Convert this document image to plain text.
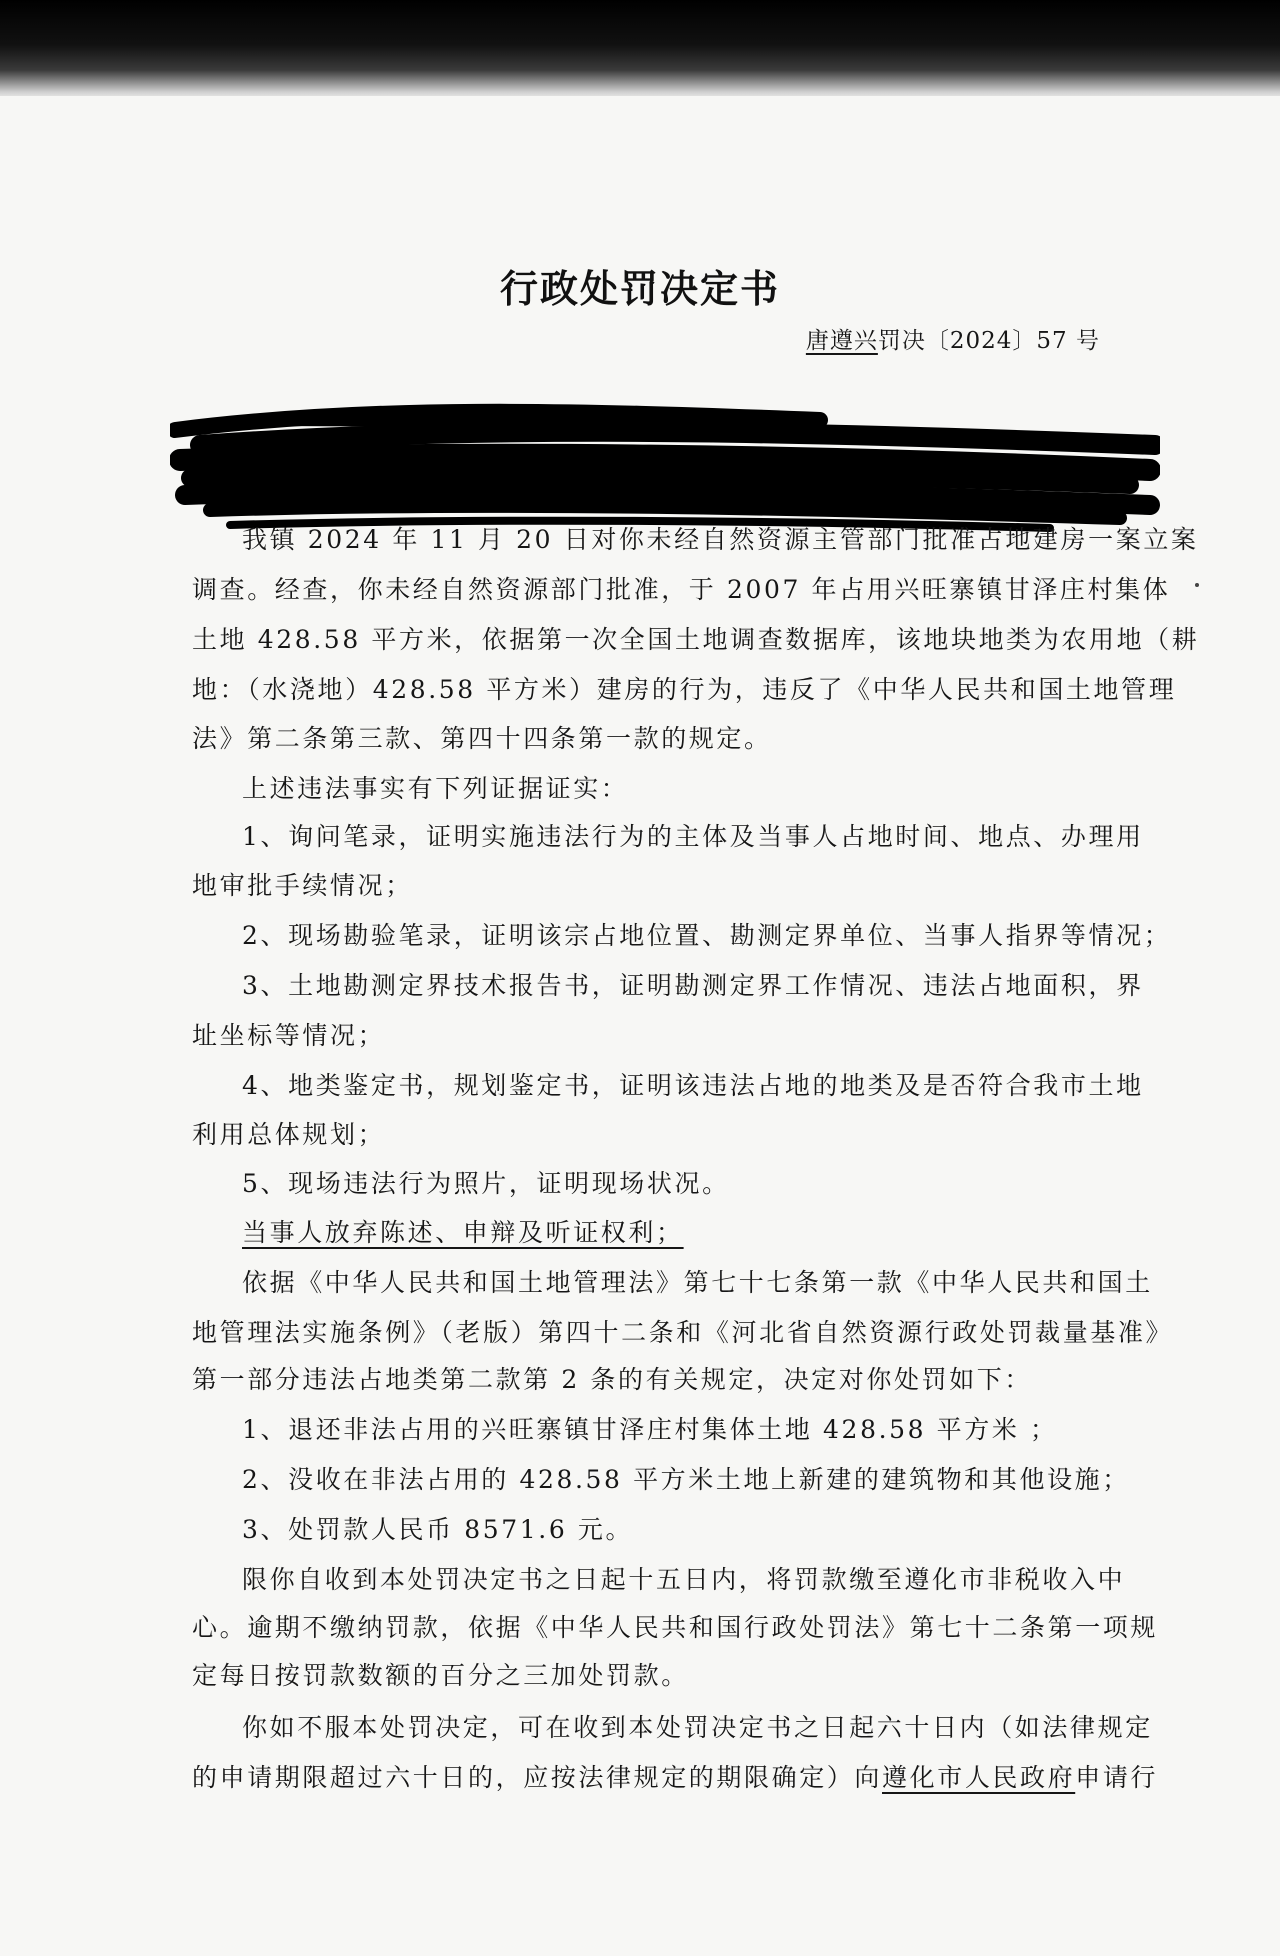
行政处罚决定书
唐遵兴罚决〔2024〕57 号
我镇 2024 年 11 月 20 日对你未经自然资源主管部门批准占地建房一案立案
调查。经查，你未经自然资源部门批准，于 2007 年占用兴旺寨镇甘泽庄村集体
土地 428.58 平方米，依据第一次全国土地调查数据库，该地块地类为农用地（耕
地：（水浇地）428.58 平方米）建房的行为，违反了《中华人民共和国土地管理
法》第二条第三款、第四十四条第一款的规定。
上述违法事实有下列证据证实：
1、询问笔录，证明实施违法行为的主体及当事人占地时间、地点、办理用
地审批手续情况；
2、现场勘验笔录，证明该宗占地位置、勘测定界单位、当事人指界等情况；
3、土地勘测定界技术报告书，证明勘测定界工作情况、违法占地面积，界
址坐标等情况；
4、地类鉴定书，规划鉴定书，证明该违法占地的地类及是否符合我市土地
利用总体规划；
5、现场违法行为照片，证明现场状况。
当事人放弃陈述、申辩及听证权利；
依据《中华人民共和国土地管理法》第七十七条第一款《中华人民共和国土
地管理法实施条例》（老版）第四十二条和《河北省自然资源行政处罚裁量基准》
第一部分违法占地类第二款第 2 条的有关规定，决定对你处罚如下：
1、退还非法占用的兴旺寨镇甘泽庄村集体土地 428.58 平方米 ；
2、没收在非法占用的 428.58 平方米土地上新建的建筑物和其他设施；
3、处罚款人民币 8571.6 元。
限你自收到本处罚决定书之日起十五日内，将罚款缴至遵化市非税收入中
心。逾期不缴纳罚款，依据《中华人民共和国行政处罚法》第七十二条第一项规
定每日按罚款数额的百分之三加处罚款。
你如不服本处罚决定，可在收到本处罚决定书之日起六十日内（如法律规定
的申请期限超过六十日的，应按法律规定的期限确定）向遵化市人民政府申请行
